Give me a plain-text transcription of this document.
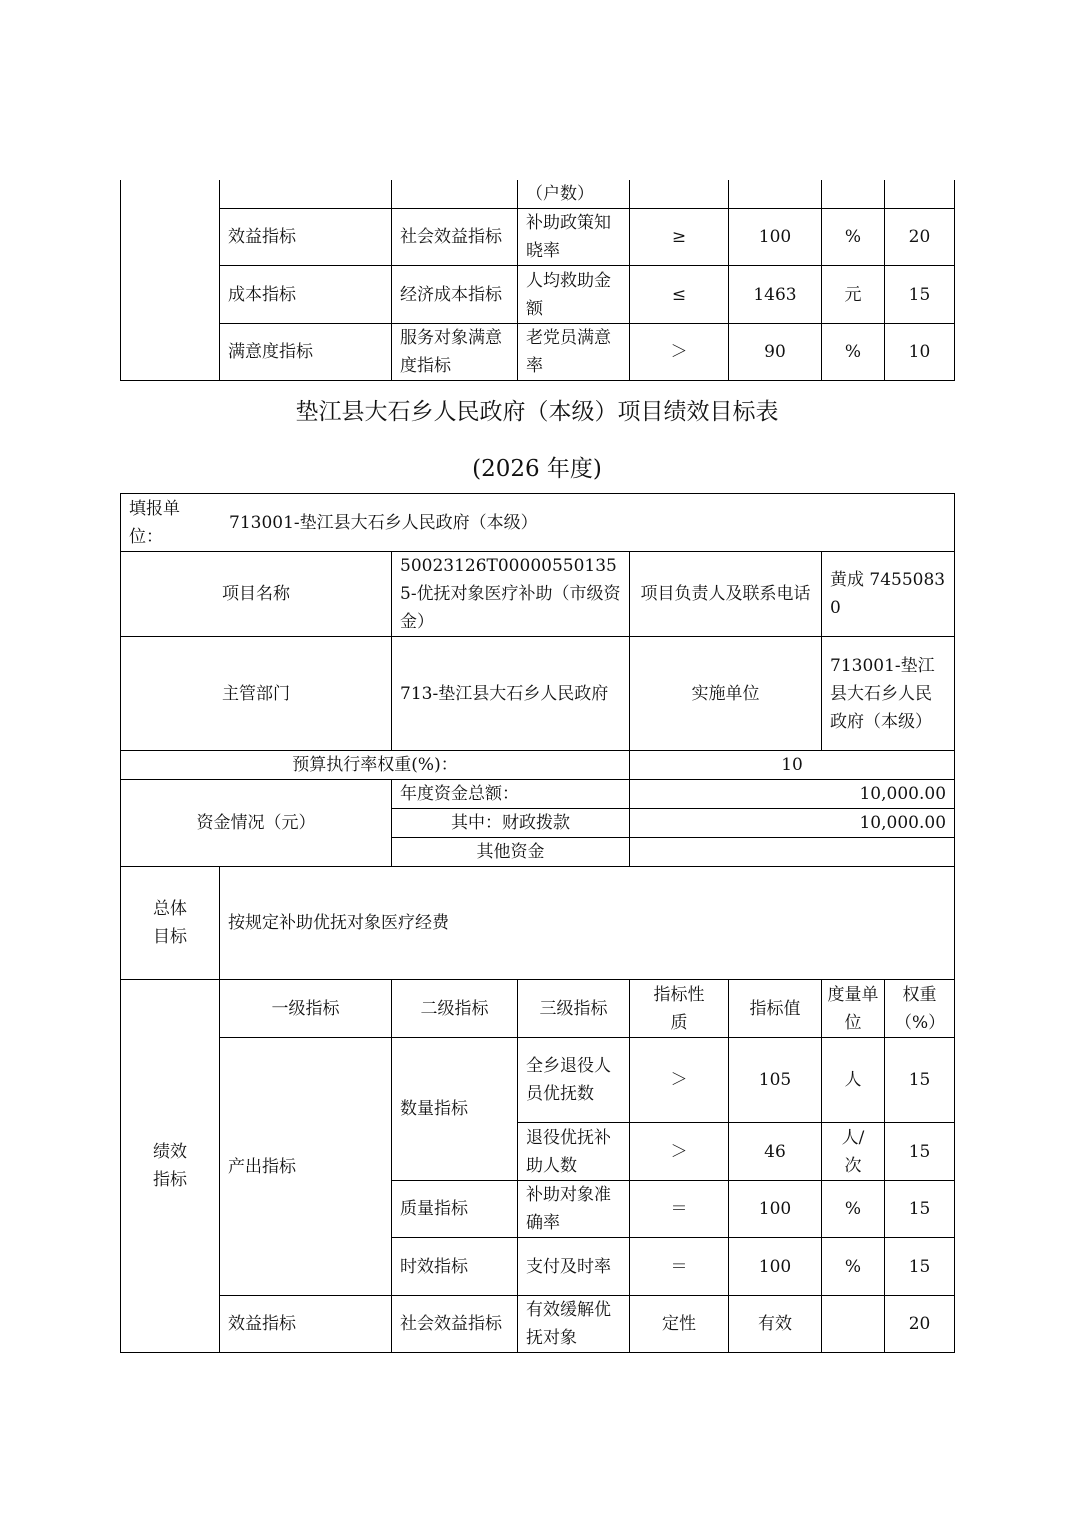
			（户数）				
	效益指标	社会效益指标	补助政策知晓率	≥	100	%	20
	成本指标	经济成本指标	人均救助金额	≤	1463	元	15
	满意度指标	服务对象满意度指标	老党员满意率	＞	90	%	10
垫江县大石乡人民政府（本级）项目绩效目标表
(2026 年度)
填报单位：
713001-垫江县大石乡人民政府（本级）							

项目名称		50023126T000005501355-优抚对象医疗补助（市级资金）		项目负责人及联系电话		黄成 74550830	
主管部门		713-垫江县大石乡人民政府		实施单位		713001-垫江县大石乡人民政府（本级）	
预算执行率权重(%)：				10			
资金情况（元）		年度资金总额：		10,000.00			
		其中：财政拨款		10,000.00			
		其他资金					
总体目标	按规定补助优抚对象医疗经费						
绩效指标	一级指标	二级指标	三级指标	指标性质	指标值	度量单位	权重（%）
	产出指标	数量指标	全乡退役人员优抚数	＞	105	人	15
			退役优抚补助人数	＞	46	人/次	15
		质量指标	补助对象准确率	＝	100	%	15
		时效指标	支付及时率	＝	100	%	15
	效益指标	社会效益指标	有效缓解优抚对象	定性	有效		20
